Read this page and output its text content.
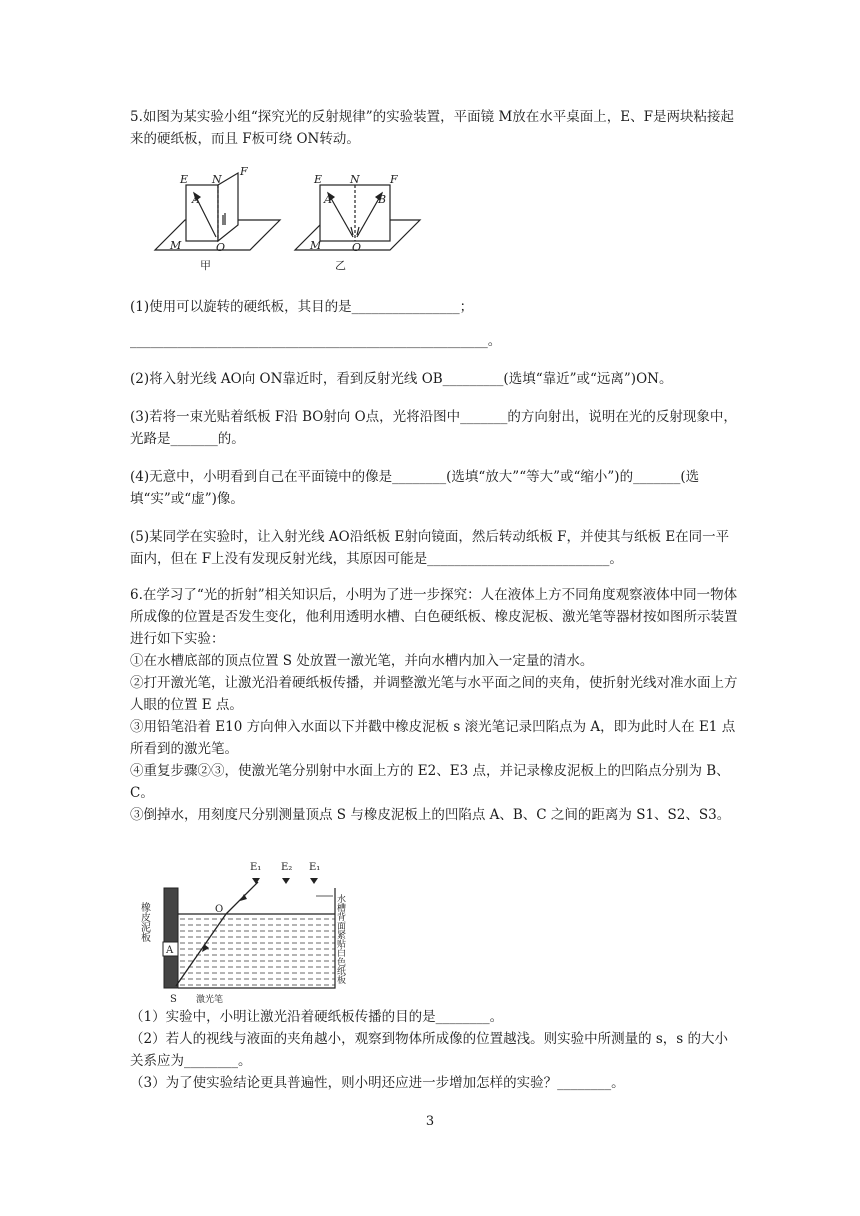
5.如图为某实验小组“探究光的反射规律”的实验装置，平面镜 M放在水平桌面上，E、F是两块粘接起来的硬纸板，而且 F板可绕 ON转动。
E N
F
A
O
M
甲
E	N	F
A	B
O
M
乙
(1)使用可以旋转的硬纸板，其目的是________________；
_____________________________________________________。
(2)将入射光线 AO向 ON靠近时，看到反射光线 OB_________(选填“靠近”或“远离”)ON。
(3)若将一束光贴着纸板 F沿 BO射向 O点，光将沿图中_______的方向射出，说明在光的反射现象中，光路是_______的。
(4)无意中，小明看到自己在平面镜中的像是________(选填“放大”“等大”或“缩小”)的_______(选填“实”或“虚”)像。
(5)某同学在实验时，让入射光线 AO沿纸板 E射向镜面，然后转动纸板 F，并使其与纸板 E在同一平面内，但在 F上没有发现反射光线，其原因可能是___________________________。
6.在学习了“光的折射”相关知识后，小明为了进一步探究：人在液体上方不同角度观察液体中同一物体所成像的位置是否发生变化，他利用透明水槽、白色硬纸板、橡皮泥板、激光笔等器材按如图所示装置进行如下实验：
①在水槽底部的顶点位置 S 处放置一激光笔，并向水槽内加入一定量的清水。
②打开激光笔，让激光沿着硬纸板传播，并调整激光笔与水平面之间的夹角，使折射光线对准水面上方人眼的位置 E 点。
③用铅笔沿着 E10 方向伸入水面以下并戳中橡皮泥板 s 滚光笔记录凹陷点为 A，即为此时人在 E1 点所看到的激光笔。
④重复步骤②③，使激光笔分别射中水面上方的 E2、E3 点，并记录橡皮泥板上的凹陷点分别为 B、C。
③倒掉水，用刻度尺分别测量顶点 S 与橡皮泥板上的凹陷点 A、B、C 之间的距离为 S1、S2、S3。
E₁ E₂ E₁
O
A
S 激光笔
橡皮泥板	水槽背面紧贴白色纸板
（1）实验中，小明让激光沿着硬纸板传播的目的是________。
（2）若人的视线与液面的夹角越小，观察到物体所成像的位置越浅。则实验中所测量的 s，s 的大小关系应为________。
（3）为了使实验结论更具普遍性，则小明还应进一步增加怎样的实验？________。
3
